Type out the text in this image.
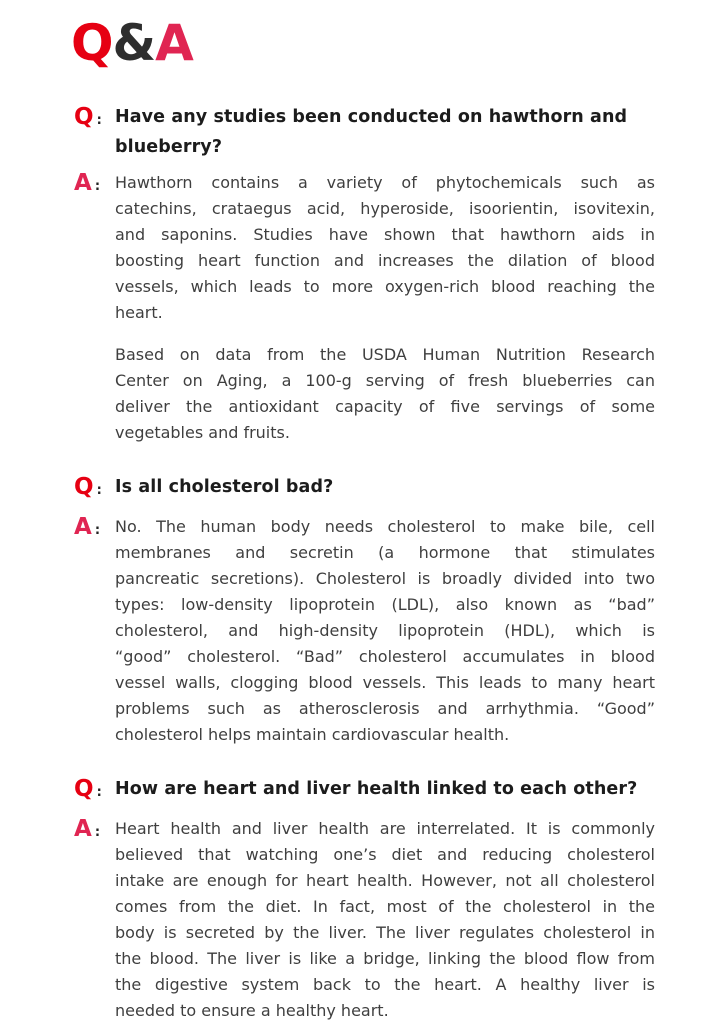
Q&A
Q : Have any studies been conducted on hawthorn and
blueberry?
A : Hawthorn contains a variety of phytochemicals such as
catechins, crataegus acid, hyperoside, isoorientin, isovitexin,
and saponins. Studies have shown that hawthorn aids in
boosting heart function and increases the dilation of blood
vessels, which leads to more oxygen-rich blood reaching the
heart.
Based on data from the USDA Human Nutrition Research
Center on Aging, a 100-g serving of fresh blueberries can
deliver the antioxidant capacity of five servings of some
vegetables and fruits.
Q : Is all cholesterol bad?
A : No. The human body needs cholesterol to make bile, cell
membranes and secretin (a hormone that stimulates
pancreatic secretions). Cholesterol is broadly divided into two
types: low-density lipoprotein (LDL), also known as “bad”
cholesterol, and high-density lipoprotein (HDL), which is
“good” cholesterol. “Bad” cholesterol accumulates in blood
vessel walls, clogging blood vessels. This leads to many heart
problems such as atherosclerosis and arrhythmia. “Good”
cholesterol helps maintain cardiovascular health.
Q : How are heart and liver health linked to each other?
A : Heart health and liver health are interrelated. It is commonly
believed that watching one’s diet and reducing cholesterol
intake are enough for heart health. However, not all cholesterol
comes from the diet. In fact, most of the cholesterol in the
body is secreted by the liver. The liver regulates cholesterol in
the blood. The liver is like a bridge, linking the blood flow from
the digestive system back to the heart. A healthy liver is
needed to ensure a healthy heart.
